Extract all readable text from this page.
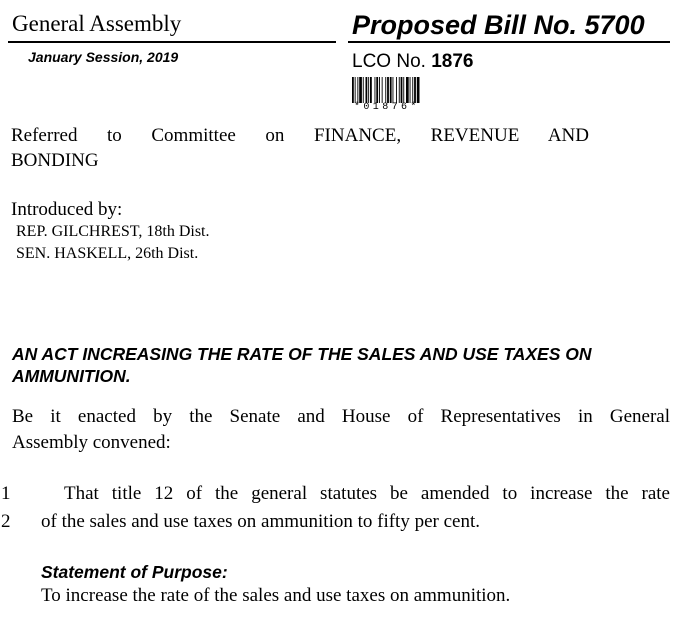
General Assembly	Proposed Bill No. 5700
January Session, 2019	LCO No. 1876
*01876*
Referred to Committee on FINANCE, REVENUE AND
BONDING
Introduced by:
REP. GILCHREST, 18th Dist.
SEN. HASKELL, 26th Dist.
AN ACT INCREASING THE RATE OF THE SALES AND USE TAXES ON AMMUNITION.
Be it enacted by the Senate and House of Representatives in General
Assembly convened:
1	That title 12 of the general statutes be amended to increase the rate
2 of the sales and use taxes on ammunition to fifty per cent.
Statement of Purpose:
To increase the rate of the sales and use taxes on ammunition.
